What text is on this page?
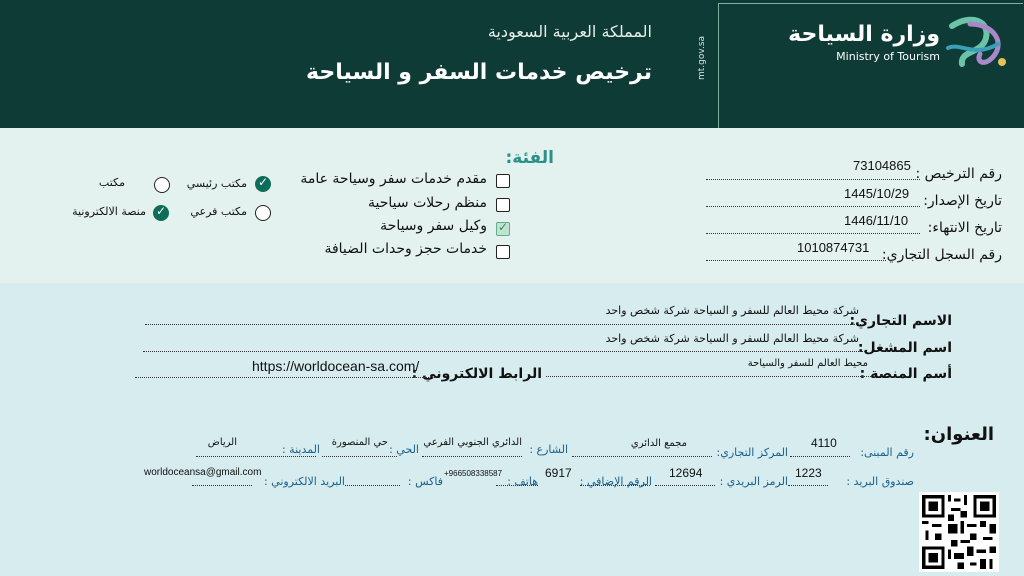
mt.gov.sa
المملكة العربية السعودية
ترخيص خدمات السفر و السياحة
وزارة السياحة
Ministry of Tourism
رقم الترخيص :
73104865
تاريخ الإصدار:
1445/10/29
تاريخ الانتهاء:
1446/11/10
رقم السجل التجاري:
1010874731
الفئة:
مقدم خدمات سفر وسياحة عامة
منظم رحلات سياحية
✓
وكيل سفر وسياحة
خدمات حجز وحدات الضيافة
✓
مكتب رئيسي
مكتب
مكتب فرعي
✓
منصة الالكترونية
الاسم التجاري:
شركة محيط العالم للسفر و السياحة شركة شخص واحد
اسم المشغل:
شركة محيط العالم للسفر و السياحة شركة شخص واحد
أسم المنصة :
محيط العالم للسفر والسياحة
الرابط الالكتروني :
https://worldocean-sa.com/
العنوان:
رقم المبنى:
4110
المركز التجاري:
مجمع الدائري
الشارع :
الدائري الجنوبي الفرعي
الحي :
حي المنصورة
المدينة :
الرياض
صندوق البريد :
1223
الرمز البريدي :
12694
الرقم الإضافي :
6917
هاتف :
+966508338587
فاكس :
البريد الالكتروني :
worldoceansa@gmail.com
